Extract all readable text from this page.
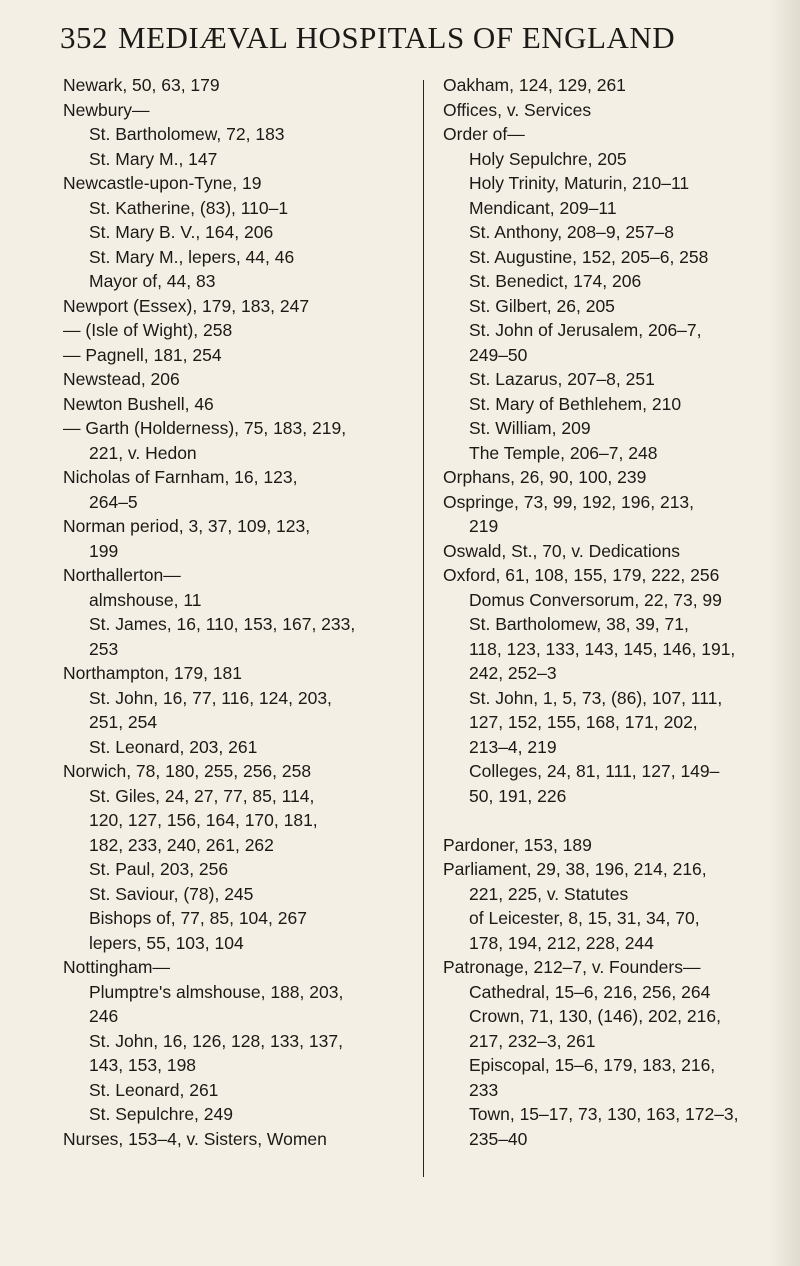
352 MEDIÆVAL HOSPITALS OF ENGLAND
Newark, 50, 63, 179
Newbury—
St. Bartholomew, 72, 183
St. Mary M., 147
Newcastle-upon-Tyne, 19
St. Katherine, (83), 110–1
St. Mary B. V., 164, 206
St. Mary M., lepers, 44, 46
Mayor of, 44, 83
Newport (Essex), 179, 183, 247
— (Isle of Wight), 258
— Pagnell, 181, 254
Newstead, 206
Newton Bushell, 46
— Garth (Holderness), 75, 183, 219,
221, v. Hedon
Nicholas of Farnham, 16, 123,
264–5
Norman period, 3, 37, 109, 123,
199
Northallerton—
almshouse, 11
St. James, 16, 110, 153, 167, 233,
253
Northampton, 179, 181
St. John, 16, 77, 116, 124, 203,
251, 254
St. Leonard, 203, 261
Norwich, 78, 180, 255, 256, 258
St. Giles, 24, 27, 77, 85, 114,
120, 127, 156, 164, 170, 181,
182, 233, 240, 261, 262
St. Paul, 203, 256
St. Saviour, (78), 245
Bishops of, 77, 85, 104, 267
lepers, 55, 103, 104
Nottingham—
Plumptre's almshouse, 188, 203,
246
St. John, 16, 126, 128, 133, 137,
143, 153, 198
St. Leonard, 261
St. Sepulchre, 249
Nurses, 153–4, v. Sisters, Women
Oakham, 124, 129, 261
Offices, v. Services
Order of—
Holy Sepulchre, 205
Holy Trinity, Maturin, 210–11
Mendicant, 209–11
St. Anthony, 208–9, 257–8
St. Augustine, 152, 205–6, 258
St. Benedict, 174, 206
St. Gilbert, 26, 205
St. John of Jerusalem, 206–7,
249–50
St. Lazarus, 207–8, 251
St. Mary of Bethlehem, 210
St. William, 209
The Temple, 206–7, 248
Orphans, 26, 90, 100, 239
Ospringe, 73, 99, 192, 196, 213,
219
Oswald, St., 70, v. Dedications
Oxford, 61, 108, 155, 179, 222, 256
Domus Conversorum, 22, 73, 99
St. Bartholomew, 38, 39, 71,
118, 123, 133, 143, 145, 146, 191,
242, 252–3
St. John, 1, 5, 73, (86), 107, 111,
127, 152, 155, 168, 171, 202,
213–4, 219
Colleges, 24, 81, 111, 127, 149–
50, 191, 226
Pardoner, 153, 189
Parliament, 29, 38, 196, 214, 216,
221, 225, v. Statutes
of Leicester, 8, 15, 31, 34, 70,
178, 194, 212, 228, 244
Patronage, 212–7, v. Founders—
Cathedral, 15–6, 216, 256, 264
Crown, 71, 130, (146), 202, 216,
217, 232–3, 261
Episcopal, 15–6, 179, 183, 216,
233
Town, 15–17, 73, 130, 163, 172–3,
235–40
